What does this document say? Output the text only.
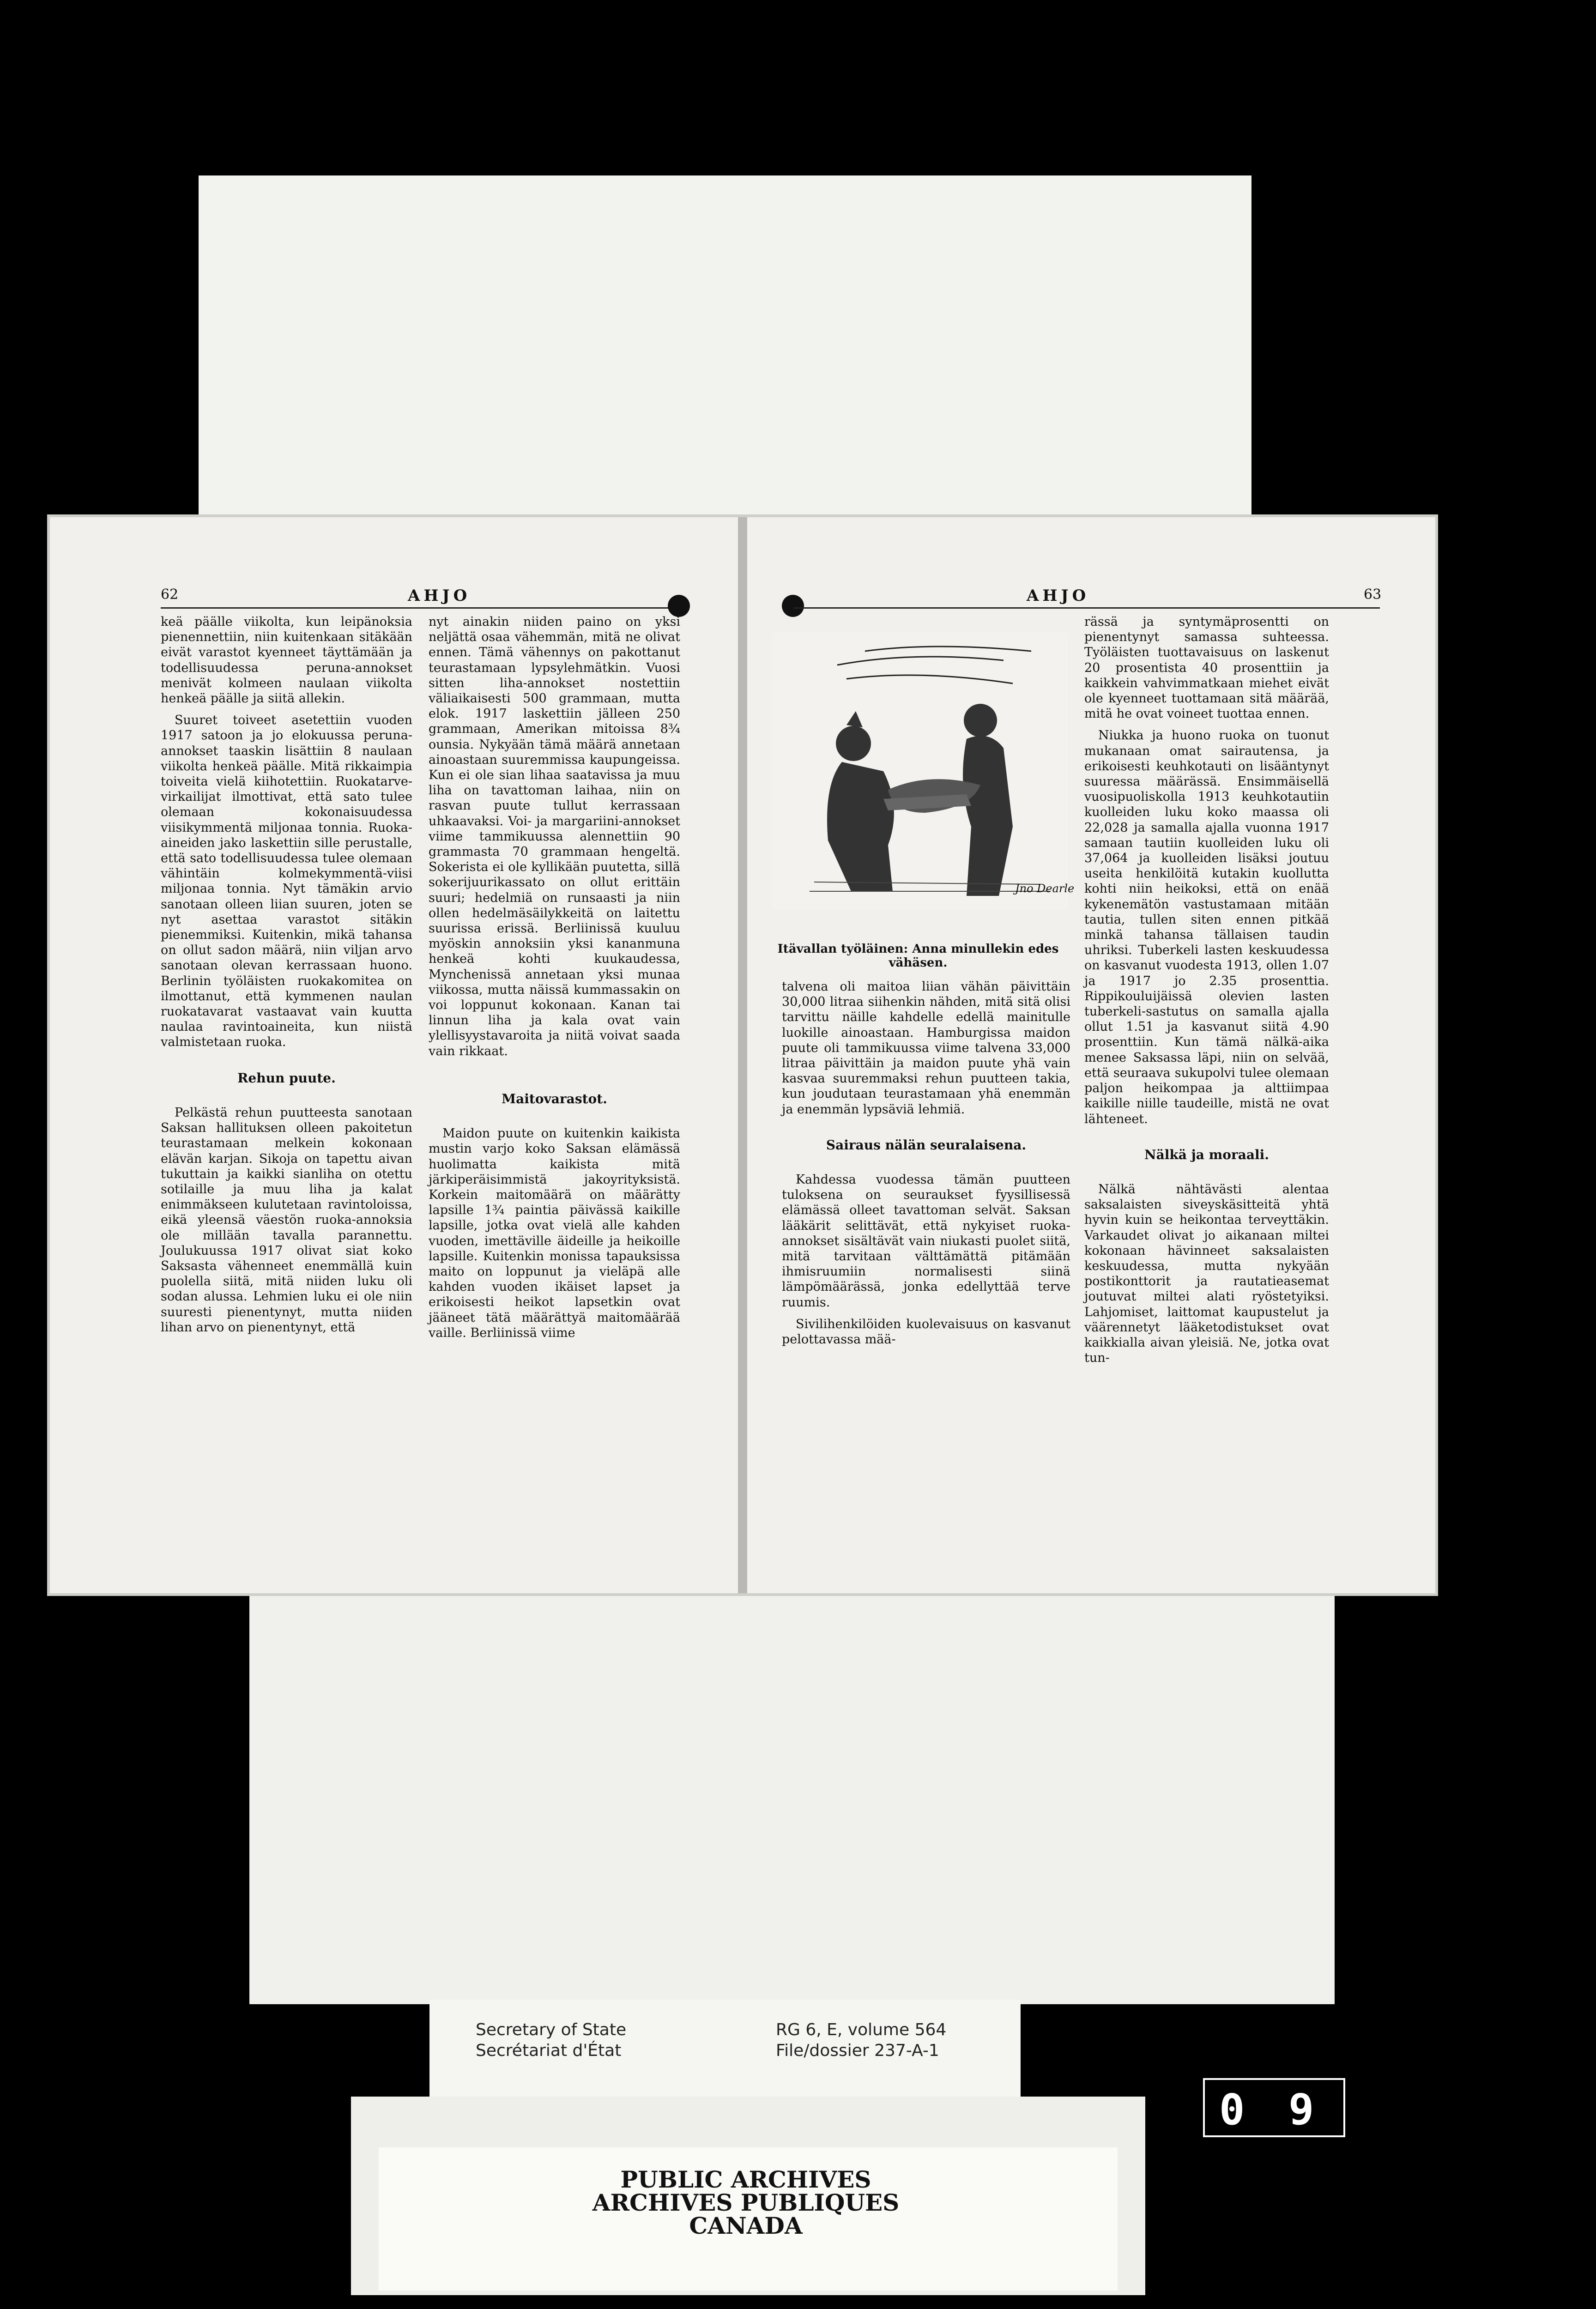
62	AHJO

keä päälle viikolta, kun leipänoksia pienennettiin, niin kuitenkaan sitäkään eivät varastot kyenneet täyttämään ja todellisuudessa peruna-annokset menivät kolmeen naulaan viikolta henkeä päälle ja siitä allekin.

Suuret toiveet asetettiin vuoden 1917 satoon ja jo elokuussa peruna-annokset taaskin lisättiin 8 naulaan viikolta henkeä päälle. Mitä rikkaimpia toiveita vielä kiihotettiin. Ruokatarve-virkailijat ilmottivat, että sato tulee olemaan kokonaisuudessa viisikymmentä miljonaa tonnia. Ruoka-aineiden jako laskettiin sille perustalle, että sato todellisuudessa tulee olemaan vähintäin kolmekymmentä-viisi miljonaa tonnia. Nyt tämäkin arvio sanotaan olleen liian suuren, joten se nyt asettaa varastot sitäkin pienemmiksi. Kuitenkin, mikä tahansa on ollut sadon määrä, niin viljan arvo sanotaan olevan kerrassaan huono. Berlinin työläisten ruokakomitea on ilmottanut, että kymmenen naulan ruokatavarat vastaavat vain kuutta naulaa ravintoaineita, kun niistä valmistetaan ruoka.

Rehun puute.

Pelkästä rehun puutteesta sanotaan Saksan hallituksen olleen pakoitetun teurastamaan melkein kokonaan elävän karjan. Sikoja on tapettu aivan tukuttain ja kaikki sianliha on otettu sotilaille ja muu liha ja kalat enimmäkseen kulutetaan ravintoloissa, eikä yleensä väestön ruoka-annoksia ole millään tavalla parannettu. Joulukuussa 1917 olivat siat koko Saksasta vähenneet enemmällä kuin puolella siitä, mitä niiden luku oli sodan alussa. Lehmien luku ei ole niin suuresti pienentynyt, mutta niiden lihan arvo on pienentynyt, että

nyt ainakin niiden paino on yksi neljättä osaa vähemmän, mitä ne olivat ennen. Tämä vähennys on pakottanut teurastamaan lypsylehmätkin. Vuosi sitten liha-annokset nostettiin väliaikaisesti 500 grammaan, mutta elok. 1917 laskettiin jälleen 250 grammaan, Amerikan mitoissa 8¾ ounsia. Nykyään tämä määrä annetaan ainoastaan suuremmissa kaupungeissa. Kun ei ole sian lihaa saatavissa ja muu liha on tavattoman laihaa, niin on rasvan puute tullut kerrassaan uhkaavaksi. Voi- ja margariini-annokset viime tammikuussa alennettiin 90 grammasta 70 grammaan hengeltä. Sokerista ei ole kyllikään puutetta, sillä sokerijuurikassato on ollut erittäin suuri; hedelmiä on runsaasti ja niin ollen hedelmäsäilykkeitä on laitettu suurissa erissä. Berliinissä kuuluu myöskin annoksiin yksi kananmuna henkeä kohti kuukaudessa, Mynchenissä annetaan yksi munaa viikossa, mutta näissä kummassakin on voi loppunut kokonaan. Kanan tai linnun liha ja kala ovat vain ylellisyystavaroita ja niitä voivat saada vain rikkaat.

Maitovarastot.

Maidon puute on kuitenkin kaikista mustin varjo koko Saksan elämässä huolimatta kaikista mitä järkiperäisimmistä jakoyrityksistä. Korkein maitomäärä on määrätty lapsille 1¾ paintia päivässä kaikille lapsille, jotka ovat vielä alle kahden vuoden, imettäville äideille ja heikoille lapsille. Kuitenkin monissa tapauksissa maito on loppunut ja vieläpä alle kahden vuoden ikäiset lapset ja erikoisesti heikot lapsetkin ovat jääneet tätä määrättyä maitomäärää vaille. Berliinissä viime

AHJO	63
Jno Dearle
Itävallan työläinen: Anna minullekin edes vähäsen.

talvena oli maitoa liian vähän päivittäin 30,000 litraa siihenkin nähden, mitä sitä olisi tarvittu näille kahdelle edellä mainitulle luokille ainoastaan. Hamburgissa maidon puute oli tammikuussa viime talvena 33,000 litraa päivittäin ja maidon puute yhä vain kasvaa suuremmaksi rehun puutteen takia, kun joudutaan teurastamaan yhä enemmän ja enemmän lypsäviä lehmiä.

Sairaus nälän seuralaisena.

Kahdessa vuodessa tämän puutteen tuloksena on seuraukset fyysillisessä elämässä olleet tavattoman selvät. Saksan lääkärit selittävät, että nykyiset ruoka-annokset sisältävät vain niukasti puolet siitä, mitä tarvitaan välttämättä pitämään ihmisruumiin normalisesti siinä lämpömäärässä, jonka edellyttää terve ruumis.

Sivilihenkilöiden kuolevaisuus on kasvanut pelottavassa mää-

rässä ja syntymäprosentti on pienentynyt samassa suhteessa. Työläisten tuottavaisuus on laskenut 20 prosentista 40 prosenttiin ja kaikkein vahvimmatkaan miehet eivät ole kyenneet tuottamaan sitä määrää, mitä he ovat voineet tuottaa ennen.

Niukka ja huono ruoka on tuonut mukanaan omat sairautensa, ja erikoisesti keuhkotauti on lisääntynyt suuressa määrässä. Ensimmäisellä vuosipuoliskolla 1913 keuhkotautiin kuolleiden luku koko maassa oli 22,028 ja samalla ajalla vuonna 1917 samaan tautiin kuolleiden luku oli 37,064 ja kuolleiden lisäksi joutuu useita henkilöitä kutakin kuollutta kohti niin heikoksi, että on enää kykenemätön vastustamaan mitään tautia, tullen siten ennen pitkää minkä tahansa tällaisen taudin uhriksi. Tuberkeli lasten keskuudessa on kasvanut vuodesta 1913, ollen 1.07 ja 1917 jo 2.35 prosenttia. Rippikouluijäissä olevien lasten tuberkeli-sastutus on samalla ajalla ollut 1.51 ja kasvanut siitä 4.90 prosenttiin. Kun tämä nälkä-aika menee Saksassa läpi, niin on selvää, että seuraava sukupolvi tulee olemaan paljon heikompaa ja alttiimpaa kaikille niille taudeille, mistä ne ovat lähteneet.

Nälkä ja moraali.

Nälkä nähtävästi alentaa saksalaisten siveyskäsitteitä yhtä hyvin kuin se heikontaa terveyttäkin. Varkaudet olivat jo aikanaan miltei kokonaan hävinneet saksalaisten keskuudessa, mutta nykyään postikonttorit ja rautatieasemat joutuvat miltei alati ryöstetyiksi. Lahjomiset, laittomat kaupustelut ja väärennetyt lääketodistukset ovat kaikkialla aivan yleisiä. Ne, jotka ovat tun-

Secretary of State
Secrétariat d'État
RG 6, E, volume 564
File/dossier 237-A-1
PUBLIC ARCHIVES
ARCHIVES PUBLIQUES
CANADA
0 9
